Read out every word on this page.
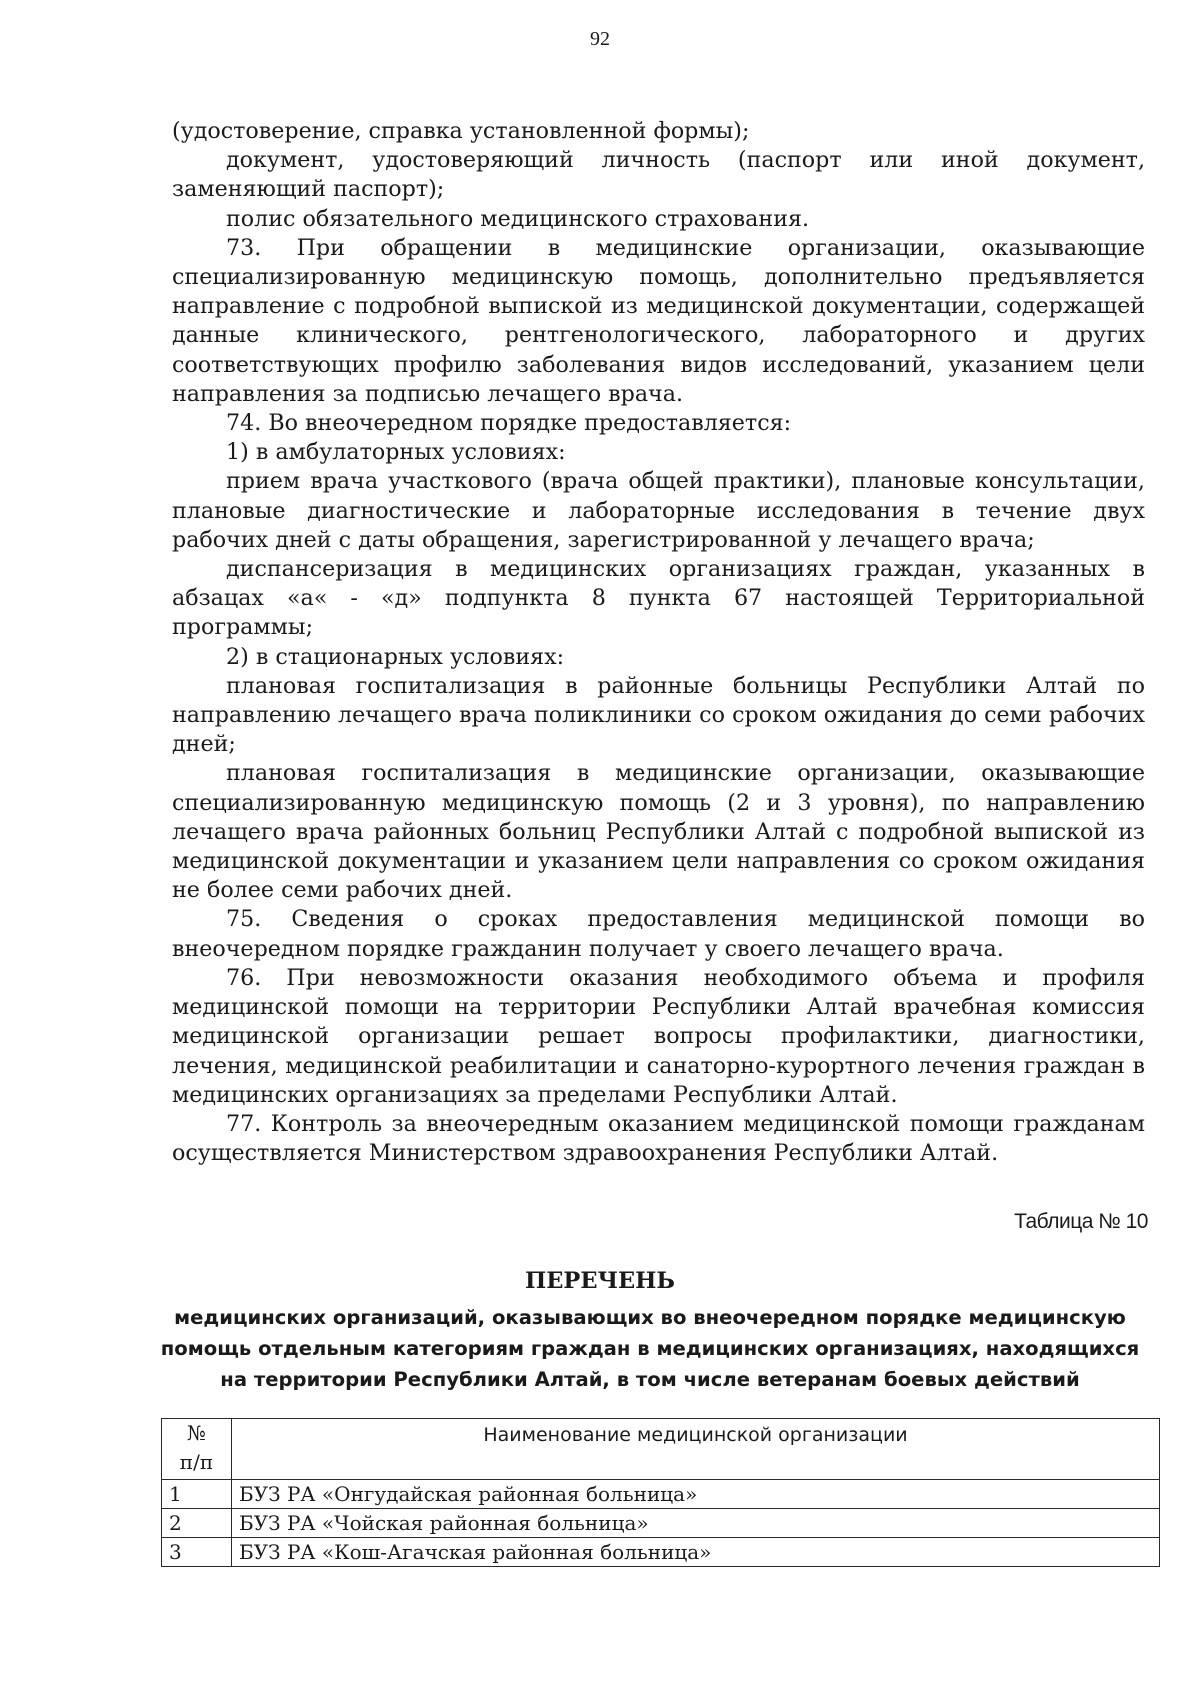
92

(удостоверение, справка установленной формы);

документ, удостоверяющий личность (паспорт или иной документ, заменяющий паспорт);

полис обязательного медицинского страхования.

73. При обращении в медицинские организации, оказывающие специализированную медицинскую помощь, дополнительно предъявляется направление с подробной выпиской из медицинской документации, содержащей данные клинического, рентгенологического, лабораторного и других соответствующих профилю заболевания видов исследований, указанием цели направления за подписью лечащего врача.

74. Во внеочередном порядке предоставляется:

1) в амбулаторных условиях:

прием врача участкового (врача общей практики), плановые консультации, плановые диагностические и лабораторные исследования в течение двух рабочих дней с даты обращения, зарегистрированной у лечащего врача;

диспансеризация в медицинских организациях граждан, указанных в абзацах «а« - «д» подпункта 8 пункта 67 настоящей Территориальной программы;

2) в стационарных условиях:

плановая госпитализация в районные больницы Республики Алтай по направлению лечащего врача поликлиники со сроком ожидания до семи рабочих дней;

плановая госпитализация в медицинские организации, оказывающие специализированную медицинскую помощь (2 и 3 уровня), по направлению лечащего врача районных больниц Республики Алтай с подробной выпиской из медицинской документации и указанием цели направления со сроком ожидания не более семи рабочих дней.

75. Сведения о сроках предоставления медицинской помощи во внеочередном порядке гражданин получает у своего лечащего врача.

76. При невозможности оказания необходимого объема и профиля медицинской помощи на территории Республики Алтай врачебная комиссия медицинской организации решает вопросы профилактики, диагностики, лечения, медицинской реабилитации и санаторно-курортного лечения граждан в медицинских организациях за пределами Республики Алтай.

77. Контроль за внеочередным оказанием медицинской помощи гражданам осуществляется Министерством здравоохранения Республики Алтай.

Таблица № 10
ПЕРЕЧЕНЬ
медицинских организаций, оказывающих во внеочередном порядке медицинскую помощь отдельным категориям граждан в медицинских организациях, находящихся на территории Республики Алтай, в том числе ветеранам боевых действий
№
п/п	Наименование медицинской организации
1	БУЗ РА «Онгудайская районная больница»
2	БУЗ РА «Чойская районная больница»
3	БУЗ РА «Кош-Агачская районная больница»
